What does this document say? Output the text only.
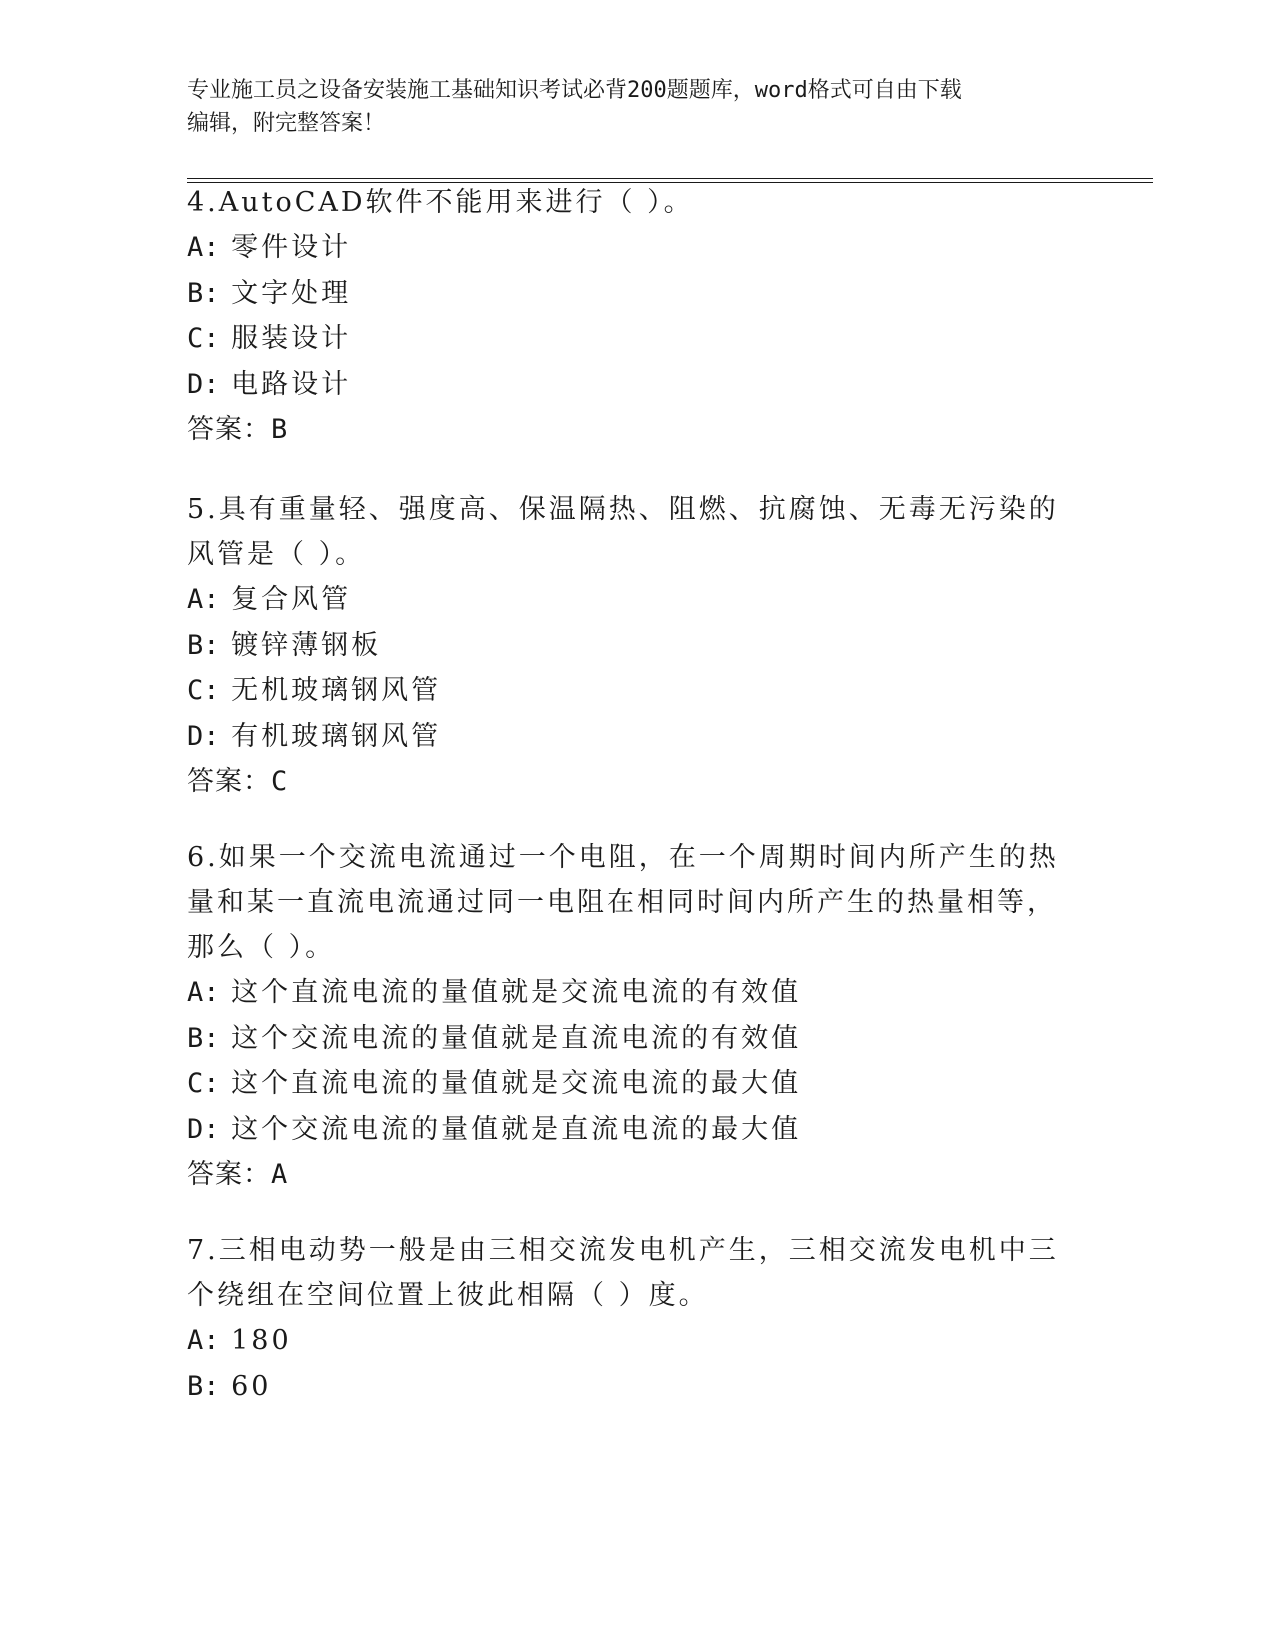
专业施工员之设备安装施工基础知识考试必背200题题库，word格式可自由下载
编辑，附完整答案！

4.AutoCAD软件不能用来进行（ ）。

A: 零件设计

B: 文字处理

C: 服装设计

D: 电路设计

答案：B

5.具有重量轻、强度高、保温隔热、阻燃、抗腐蚀、无毒无污染的风管是（ ）。

A: 复合风管

B: 镀锌薄钢板

C: 无机玻璃钢风管

D: 有机玻璃钢风管

答案：C

6.如果一个交流电流通过一个电阻，在一个周期时间内所产生的热量和某一直流电流通过同一电阻在相同时间内所产生的热量相等，那么（ ）。

A: 这个直流电流的量值就是交流电流的有效值

B: 这个交流电流的量值就是直流电流的有效值

C: 这个直流电流的量值就是交流电流的最大值

D: 这个交流电流的量值就是直流电流的最大值

答案：A

7.三相电动势一般是由三相交流发电机产生，三相交流发电机中三个绕组在空间位置上彼此相隔（ ）度。

A: 180

B: 60
